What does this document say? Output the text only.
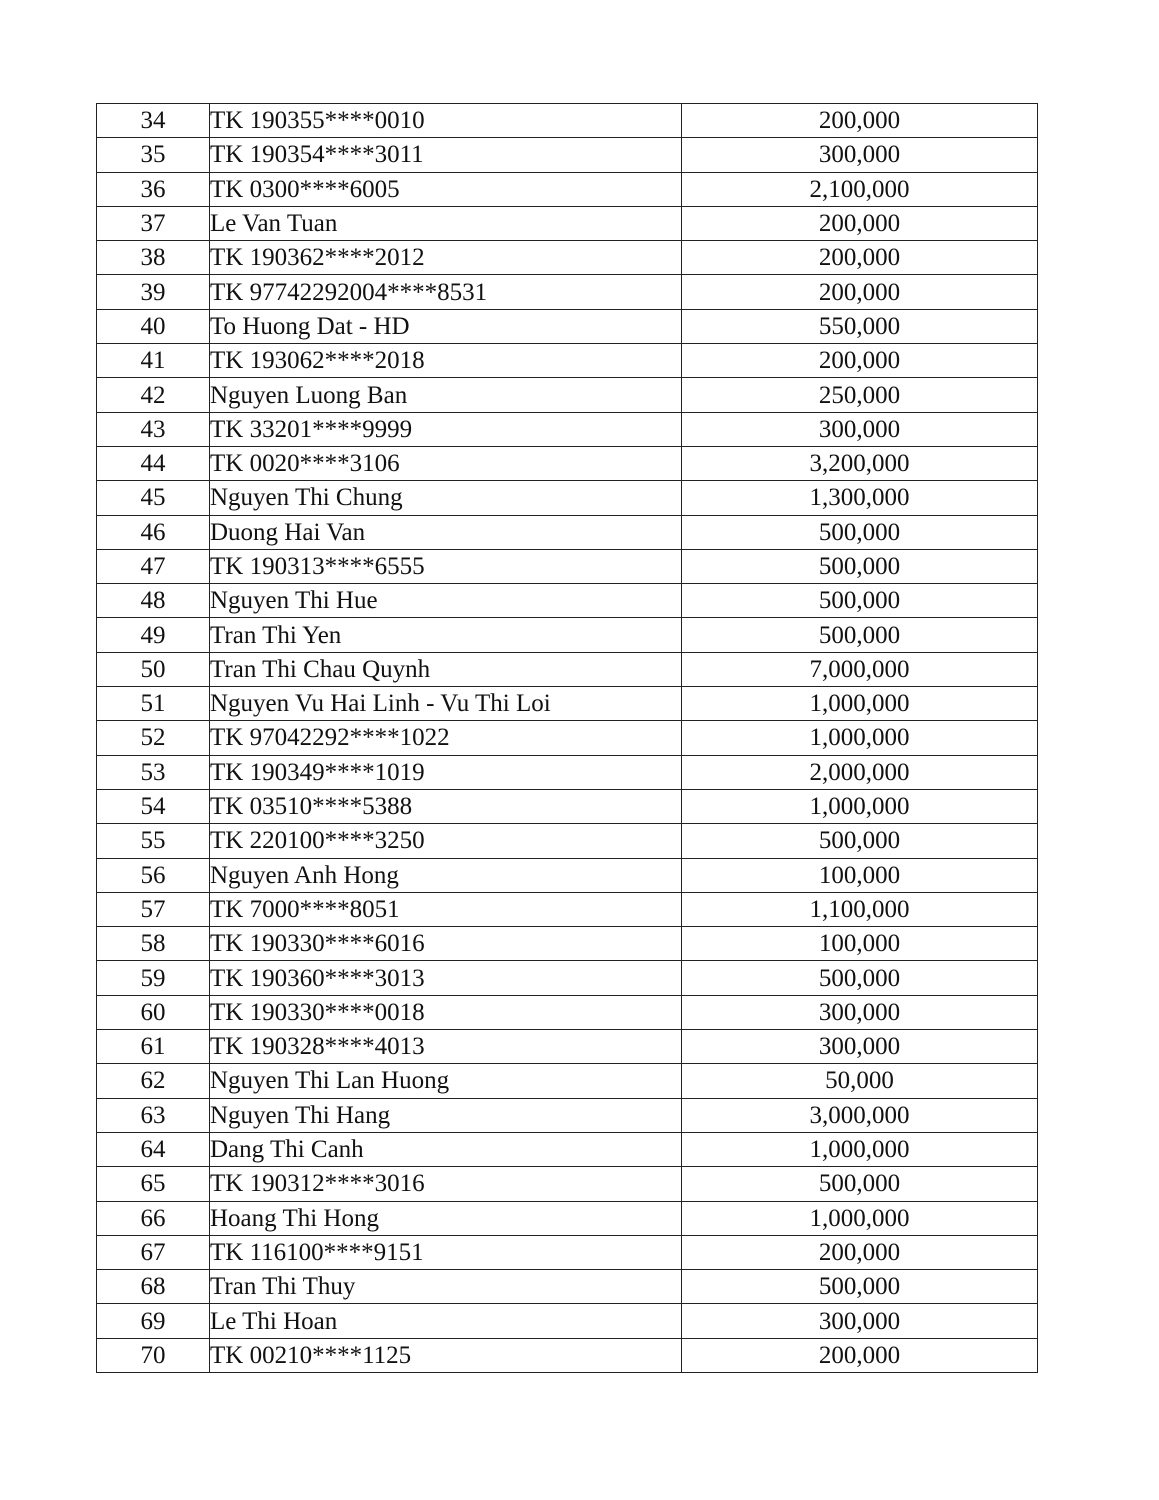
34	TK 190355****0010	200,000
35	TK 190354****3011	300,000
36	TK 0300****6005	2,100,000
37	Le Van Tuan	200,000
38	TK 190362****2012	200,000
39	TK 97742292004****8531	200,000
40	To Huong Dat - HD	550,000
41	TK 193062****2018	200,000
42	Nguyen Luong Ban	250,000
43	TK 33201****9999	300,000
44	TK 0020****3106	3,200,000
45	Nguyen Thi Chung	1,300,000
46	Duong Hai Van	500,000
47	TK 190313****6555	500,000
48	Nguyen Thi Hue	500,000
49	Tran Thi Yen	500,000
50	Tran Thi Chau Quynh	7,000,000
51	Nguyen Vu Hai Linh - Vu Thi Loi	1,000,000
52	TK 97042292****1022	1,000,000
53	TK 190349****1019	2,000,000
54	TK 03510****5388	1,000,000
55	TK 220100****3250	500,000
56	Nguyen Anh Hong	100,000
57	TK 7000****8051	1,100,000
58	TK 190330****6016	100,000
59	TK 190360****3013	500,000
60	TK 190330****0018	300,000
61	TK 190328****4013	300,000
62	Nguyen Thi Lan Huong	50,000
63	Nguyen Thi Hang	3,000,000
64	Dang Thi Canh	1,000,000
65	TK 190312****3016	500,000
66	Hoang Thi Hong	1,000,000
67	TK 116100****9151	200,000
68	Tran Thi Thuy	500,000
69	Le Thi Hoan	300,000
70	TK 00210****1125	200,000
